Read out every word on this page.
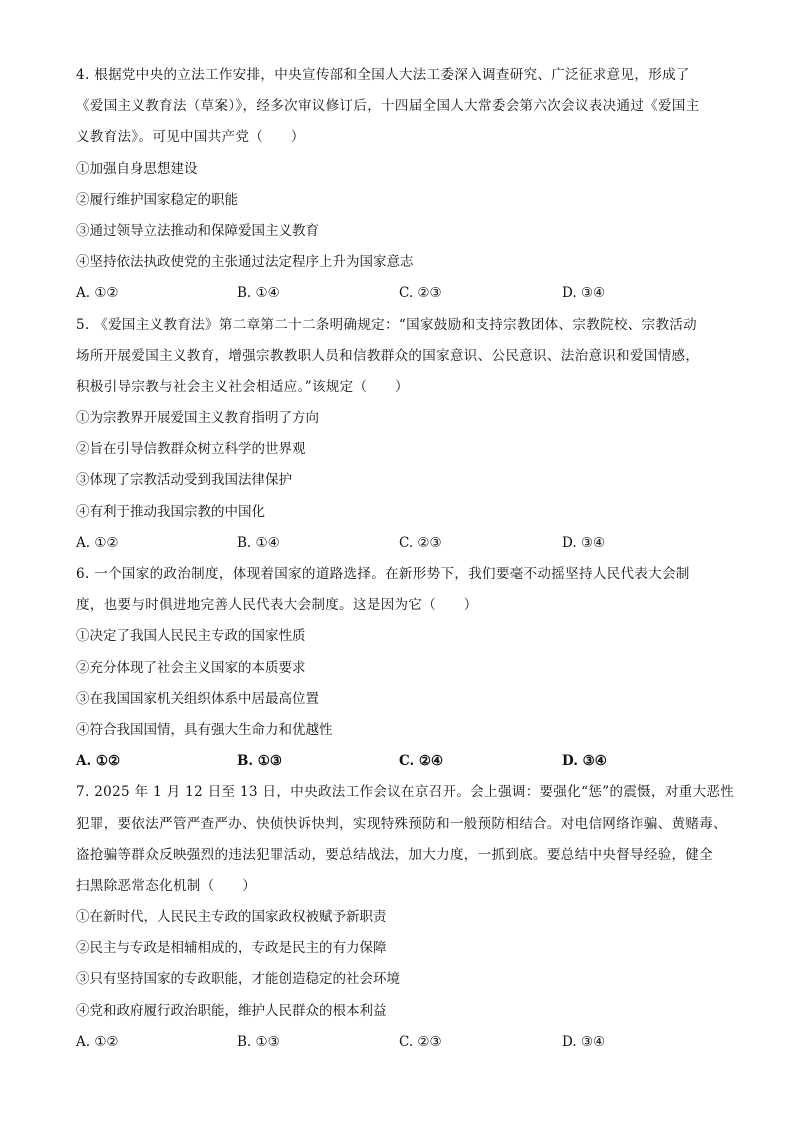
4. 根据党中央的立法工作安排，中央宣传部和全国人大法工委深入调查研究、广泛征求意见，形成了
《爱国主义教育法（草案）》，经多次审议修订后，十四届全国人大常委会第六次会议表决通过《爱国主
义教育法》。可见中国共产党（　　）
①加强自身思想建设
②履行维护国家稳定的职能
③通过领导立法推动和保障爱国主义教育
④坚持依法执政使党的主张通过法定程序上升为国家意志
A. ①②	B. ①④	C. ②③	D. ③④
5. 《爱国主义教育法》第二章第二十二条明确规定：“国家鼓励和支持宗教团体、宗教院校、宗教活动
场所开展爱国主义教育，增强宗教教职人员和信教群众的国家意识、公民意识、法治意识和爱国情感，
积极引导宗教与社会主义社会相适应。”该规定（　　）
①为宗教界开展爱国主义教育指明了方向
②旨在引导信教群众树立科学的世界观
③体现了宗教活动受到我国法律保护
④有利于推动我国宗教的中国化
A. ①②	B. ①④	C. ②③	D. ③④
6. 一个国家的政治制度，体现着国家的道路选择。在新形势下，我们要毫不动摇坚持人民代表大会制
度，也要与时俱进地完善人民代表大会制度。这是因为它（　　）
①决定了我国人民民主专政的国家性质
②充分体现了社会主义国家的本质要求
③在我国国家机关组织体系中居最高位置
④符合我国国情，具有强大生命力和优越性
A. ①②	B. ①③	C. ②④	D. ③④
7. 2025 年 1 月 12 日至 13 日，中央政法工作会议在京召开。会上强调：要强化“惩”的震慑，对重大恶性
犯罪，要依法严管严查严办、快侦快诉快判，实现特殊预防和一般预防相结合。对电信网络诈骗、黄赌毒、
盗抢骗等群众反映强烈的违法犯罪活动，要总结战法，加大力度，一抓到底。要总结中央督导经验，健全
扫黑除恶常态化机制（　　）
①在新时代，人民民主专政的国家政权被赋予新职责
②民主与专政是相辅相成的，专政是民主的有力保障
③只有坚持国家的专政职能，才能创造稳定的社会环境
④党和政府履行政治职能，维护人民群众的根本利益
A. ①②	B. ①③	C. ②③	D. ③④
